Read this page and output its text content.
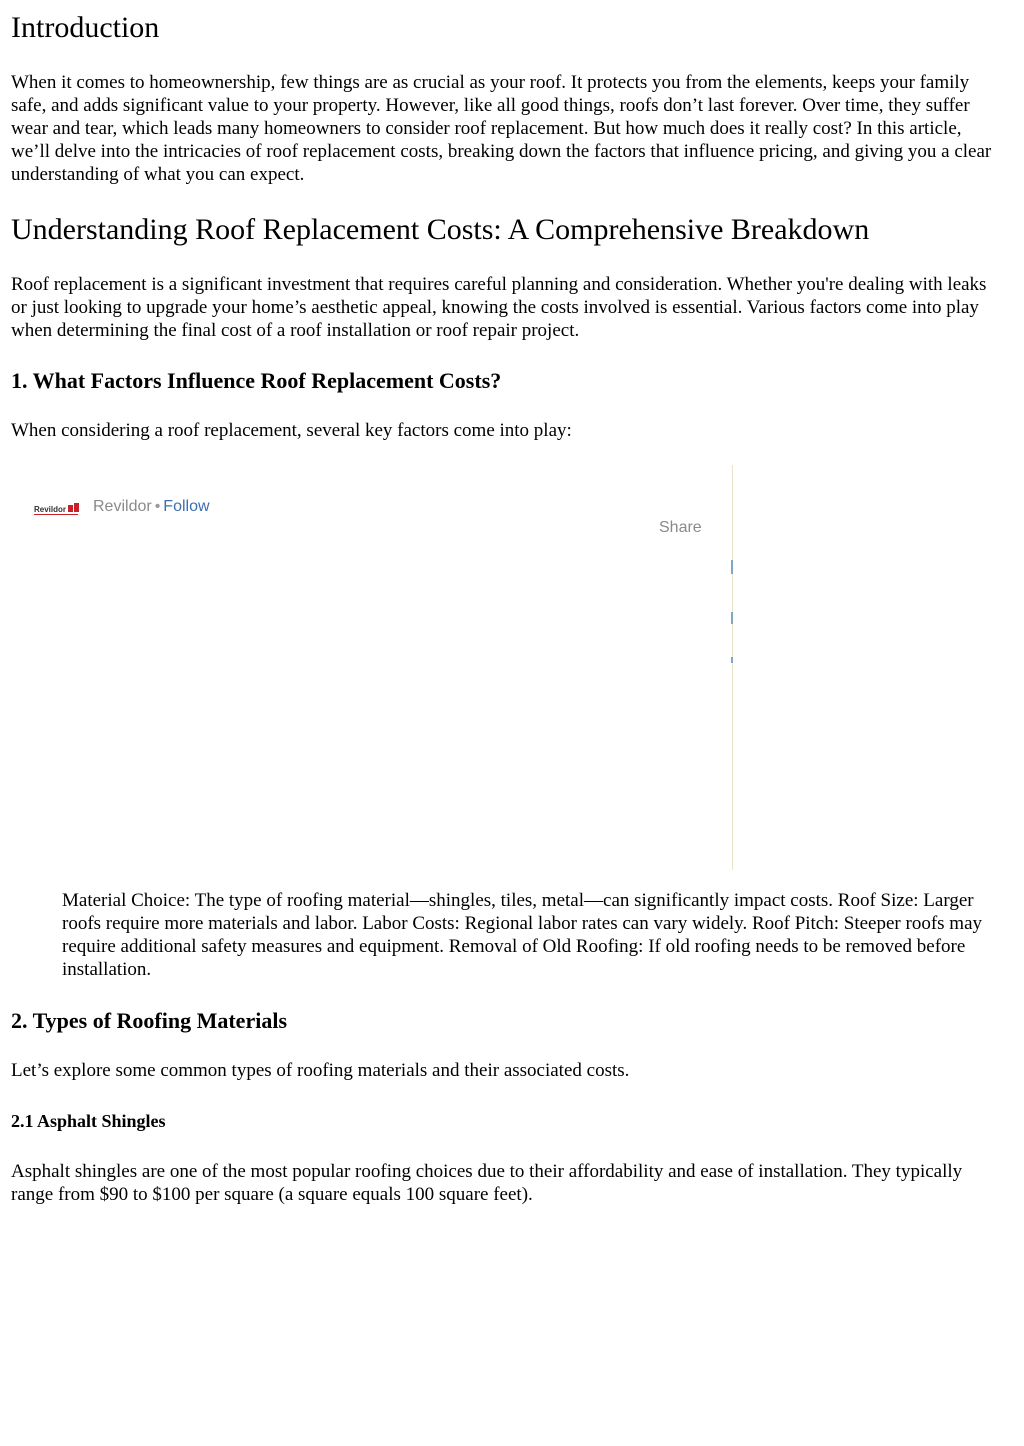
Introduction

When it comes to homeownership, few things are as crucial as your roof. It protects you from the elements, keeps your family safe, and adds significant value to your property. However, like all good things, roofs don’t last forever. Over time, they suffer wear and tear, which leads many homeowners to consider roof replacement. But how much does it really cost? In this article, we’ll delve into the intricacies of roof replacement costs, breaking down the factors that influence pricing, and giving you a clear understanding of what you can expect.

Understanding Roof Replacement Costs: A Comprehensive Breakdown

Roof replacement is a significant investment that requires careful planning and consideration. Whether you're dealing with leaks or just looking to upgrade your home’s aesthetic appeal, knowing the costs involved is essential. Various factors come into play when determining the final cost of a roof installation or roof repair project.

1. What Factors Influence Roof Replacement Costs?

When considering a roof replacement, several key factors come into play:

Revildor Revildor • Follow
Share

Material Choice: The type of roofing material—shingles, tiles, metal—can significantly impact costs. Roof Size: Larger roofs require more materials and labor. Labor Costs: Regional labor rates can vary widely. Roof Pitch: Steeper roofs may require additional safety measures and equipment. Removal of Old Roofing: If old roofing needs to be removed before installation.

2. Types of Roofing Materials

Let’s explore some common types of roofing materials and their associated costs.

2.1 Asphalt Shingles

Asphalt shingles are one of the most popular roofing choices due to their affordability and ease of installation. They typically range from $90 to $100 per square (a square equals 100 square feet).
